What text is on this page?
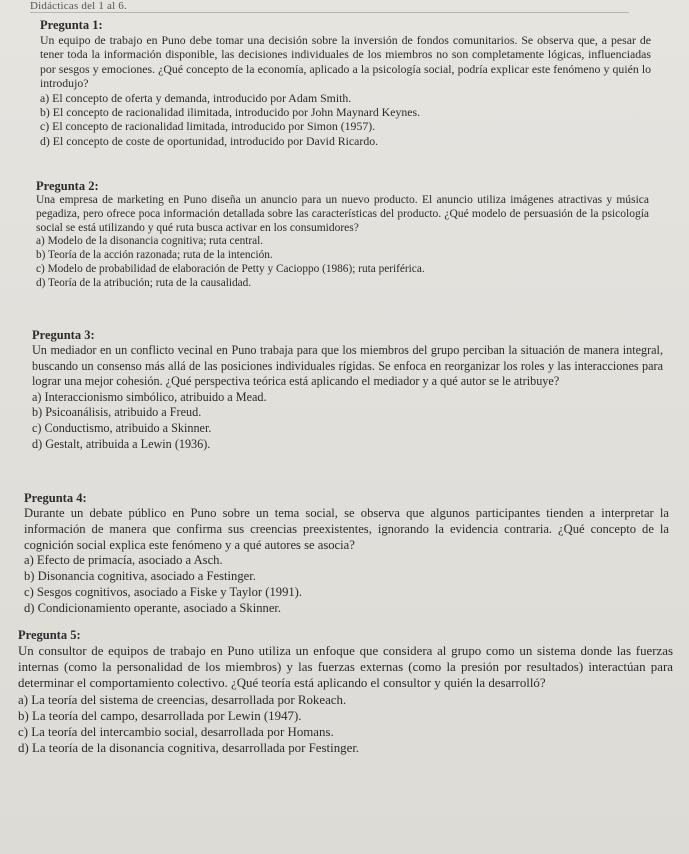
Didácticas del 1 al 6.
Pregunta 1:

Un equipo de trabajo en Puno debe tomar una decisión sobre la inversión de fondos comunitarios. Se observa que, a pesar de tener toda la información disponible, las decisiones individuales de los miembros no son completamente lógicas, influenciadas por sesgos y emociones. ¿Qué concepto de la economía, aplicado a la psicología social, podría explicar este fenómeno y quién lo introdujo?

a) El concepto de oferta y demanda, introducido por Adam Smith.

b) El concepto de racionalidad ilimitada, introducido por John Maynard Keynes.

c) El concepto de racionalidad limitada, introducido por Simon (1957).

d) El concepto de coste de oportunidad, introducido por David Ricardo.

Pregunta 2:

Una empresa de marketing en Puno diseña un anuncio para un nuevo producto. El anuncio utiliza imágenes atractivas y música pegadiza, pero ofrece poca información detallada sobre las características del producto. ¿Qué modelo de persuasión de la psicología social se está utilizando y qué ruta busca activar en los consumidores?

a) Modelo de la disonancia cognitiva; ruta central.

b) Teoría de la acción razonada; ruta de la intención.

c) Modelo de probabilidad de elaboración de Petty y Cacioppo (1986); ruta periférica.

d) Teoría de la atribución; ruta de la causalidad.

Pregunta 3:

Un mediador en un conflicto vecinal en Puno trabaja para que los miembros del grupo perciban la situación de manera integral, buscando un consenso más allá de las posiciones individuales rígidas. Se enfoca en reorganizar los roles y las interacciones para lograr una mejor cohesión. ¿Qué perspectiva teórica está aplicando el mediador y a qué autor se le atribuye?

a) Interaccionismo simbólico, atribuido a Mead.

b) Psicoanálisis, atribuido a Freud.

c) Conductismo, atribuido a Skinner.

d) Gestalt, atribuida a Lewin (1936).

Pregunta 4:

Durante un debate público en Puno sobre un tema social, se observa que algunos participantes tienden a interpretar la información de manera que confirma sus creencias preexistentes, ignorando la evidencia contraria. ¿Qué concepto de la cognición social explica este fenómeno y a qué autores se asocia?

a) Efecto de primacía, asociado a Asch.

b) Disonancia cognitiva, asociado a Festinger.

c) Sesgos cognitivos, asociado a Fiske y Taylor (1991).

d) Condicionamiento operante, asociado a Skinner.

Pregunta 5:

Un consultor de equipos de trabajo en Puno utiliza un enfoque que considera al grupo como un sistema donde las fuerzas internas (como la personalidad de los miembros) y las fuerzas externas (como la presión por resultados) interactúan para determinar el comportamiento colectivo. ¿Qué teoría está aplicando el consultor y quién la desarrolló?

a) La teoría del sistema de creencias, desarrollada por Rokeach.

b) La teoría del campo, desarrollada por Lewin (1947).

c) La teoría del intercambio social, desarrollada por Homans.

d) La teoría de la disonancia cognitiva, desarrollada por Festinger.
